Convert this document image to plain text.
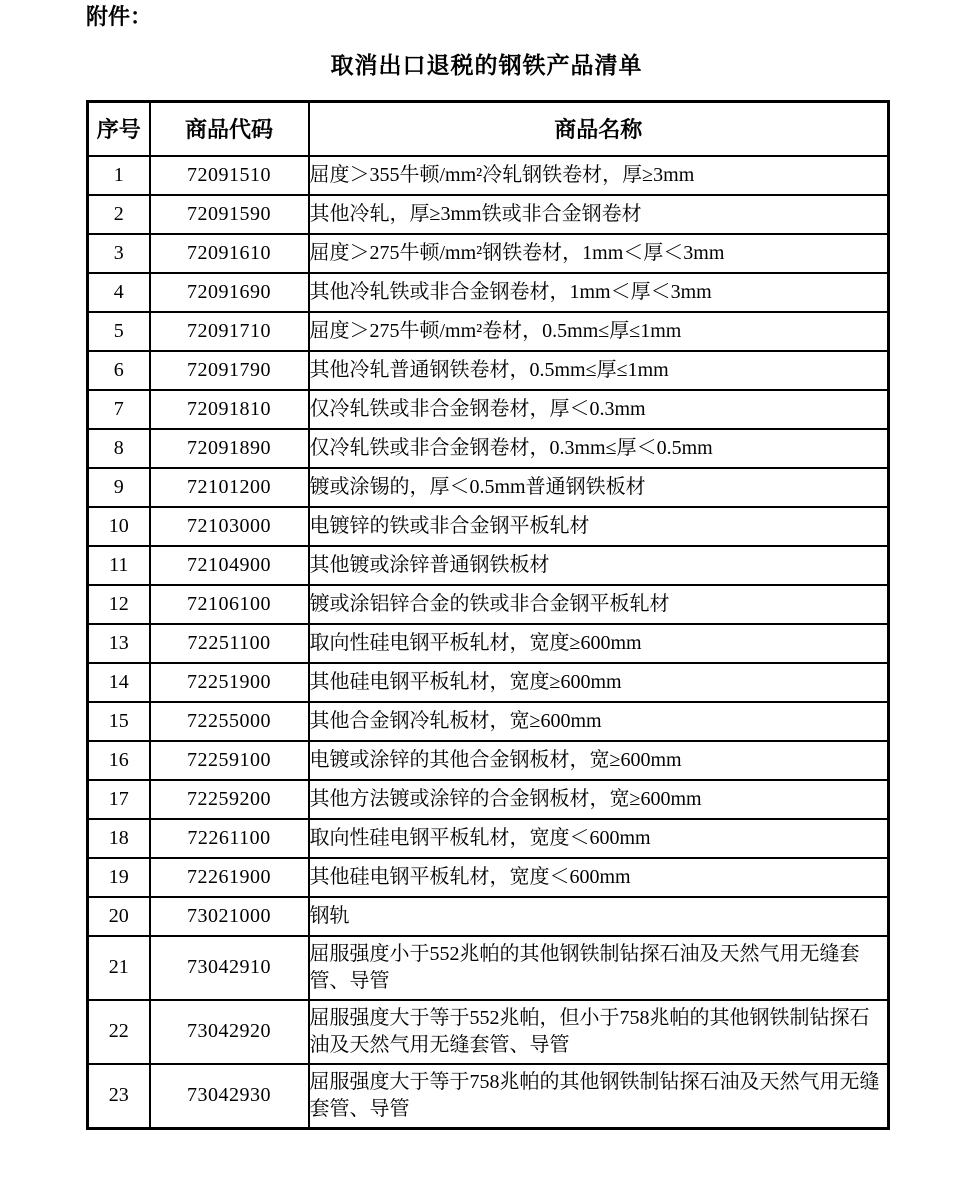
附件：
取消出口退税的钢铁产品清单
序号	商品代码	商品名称
1	72091510	屈度＞355牛顿/mm²冷轧钢铁卷材，厚≥3mm
2	72091590	其他冷轧，厚≥3mm铁或非合金钢卷材
3	72091610	屈度＞275牛顿/mm²钢铁卷材，1mm＜厚＜3mm
4	72091690	其他冷轧铁或非合金钢卷材，1mm＜厚＜3mm
5	72091710	屈度＞275牛顿/mm²卷材，0.5mm≤厚≤1mm
6	72091790	其他冷轧普通钢铁卷材，0.5mm≤厚≤1mm
7	72091810	仅冷轧铁或非合金钢卷材，厚＜0.3mm
8	72091890	仅冷轧铁或非合金钢卷材，0.3mm≤厚＜0.5mm
9	72101200	镀或涂锡的，厚＜0.5mm普通钢铁板材
10	72103000	电镀锌的铁或非合金钢平板轧材
11	72104900	其他镀或涂锌普通钢铁板材
12	72106100	镀或涂铝锌合金的铁或非合金钢平板轧材
13	72251100	取向性硅电钢平板轧材，宽度≥600mm
14	72251900	其他硅电钢平板轧材，宽度≥600mm
15	72255000	其他合金钢冷轧板材，宽≥600mm
16	72259100	电镀或涂锌的其他合金钢板材，宽≥600mm
17	72259200	其他方法镀或涂锌的合金钢板材，宽≥600mm
18	72261100	取向性硅电钢平板轧材，宽度＜600mm
19	72261900	其他硅电钢平板轧材，宽度＜600mm
20	73021000	钢轨
21	73042910	屈服强度小于552兆帕的其他钢铁制钻探石油及天然气用无缝套管、导管
22	73042920	屈服强度大于等于552兆帕，但小于758兆帕的其他钢铁制钻探石油及天然气用无缝套管、导管
23	73042930	屈服强度大于等于758兆帕的其他钢铁制钻探石油及天然气用无缝套管、导管
